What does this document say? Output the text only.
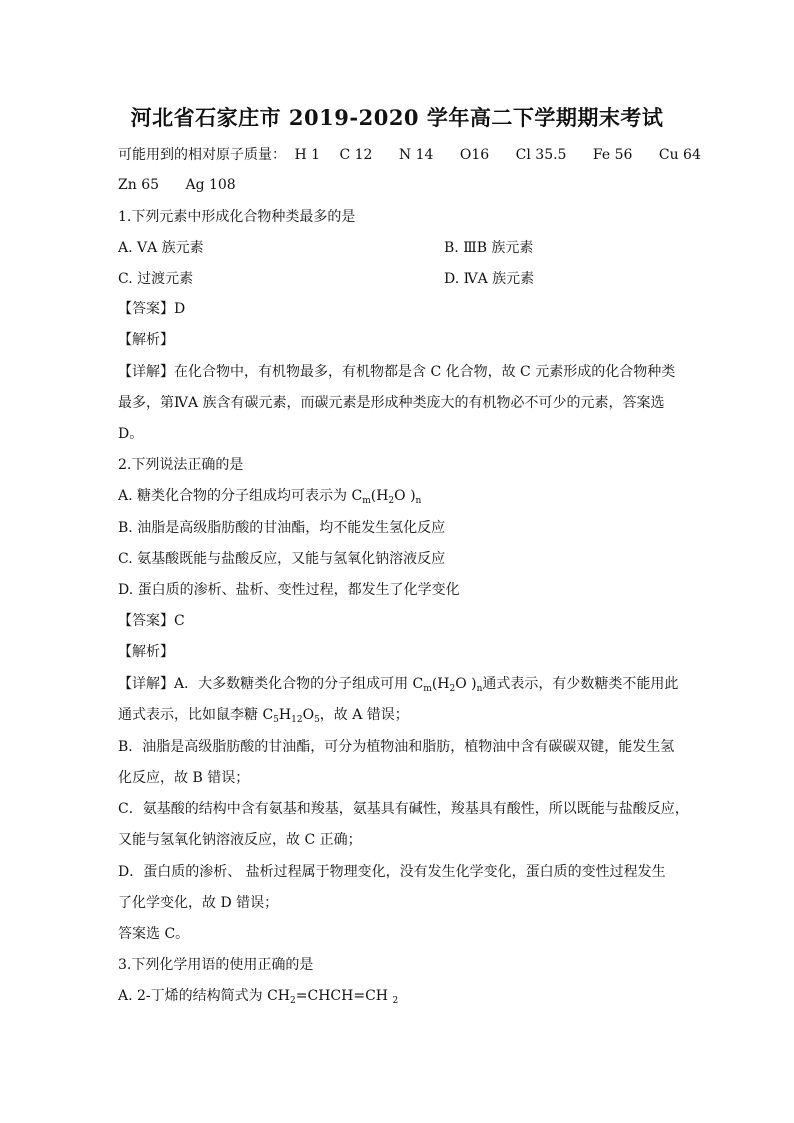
河北省石家庄市 2019-2020 学年高二下学期期末考试
可能用到的相对原子质量： H 1 C 12 N 14 O16 Cl 35.5 Fe 56 Cu 64
Zn 65 Ag 108
1.下列元素中形成化合物种类最多的是
A. ⅤA 族元素	B. ⅢB 族元素
C. 过渡元素	D. ⅣA 族元素
【答案】D
【解析】
【详解】在化合物中，有机物最多，有机物都是含 C 化合物，故 C 元素形成的化合物种类
最多，第ⅣA 族含有碳元素，而碳元素是形成种类庞大的有机物必不可少的元素，答案选
D。
2.下列说法正确的是
A. 糖类化合物的分子组成均可表示为 $C_m(H_2O$ )$_n$
B. 油脂是高级脂肪酸的甘油酯，均不能发生氢化反应
C. 氨基酸既能与盐酸反应，又能与氢氧化钠溶液反应
D. 蛋白质的渗析、盐析、变性过程，都发生了化学变化
【答案】C
【解析】
【详解】A．大多数糖类化合物的分子组成可用 $C_m(H_2O$ )$_n$通式表示，有少数糖类不能用此
通式表示，比如鼠李糖 $C_5H_{12}O_5$，故 A 错误；
B．油脂是高级脂肪酸的甘油酯，可分为植物油和脂肪，植物油中含有碳碳双键，能发生氢
化反应，故 B 错误；
C．氨基酸的结构中含有氨基和羧基，氨基具有碱性，羧基具有酸性，所以既能与盐酸反应，
又能与氢氧化钠溶液反应，故 C 正确；
D．蛋白质的渗析、 盐析过程属于物理变化，没有发生化学变化，蛋白质的变性过程发生
了化学变化，故 D 错误；
答案选 C。
3.下列化学用语的使用正确的是
A. 2-丁烯的结构简式为 $CH_2=CHCH=CH$ $_2$
